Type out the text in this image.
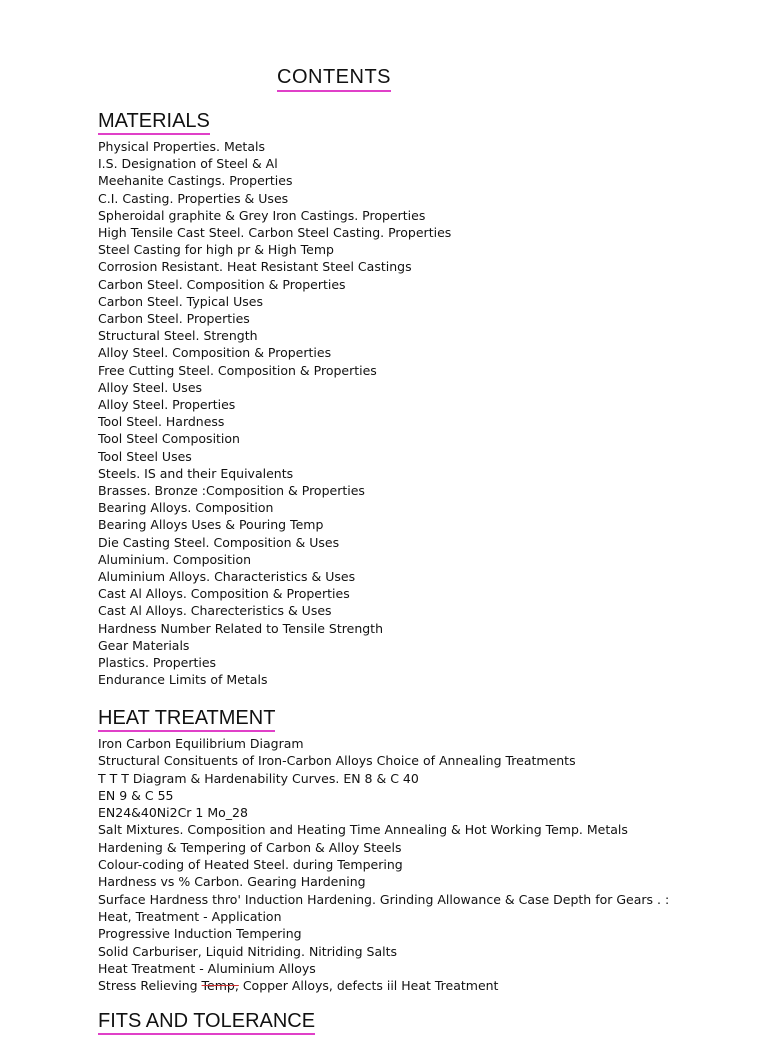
CONTENTS
MATERIALS
Physical Properties. Metals
I.S. Designation of Steel & Al
Meehanite Castings. Properties
C.I. Casting. Properties & Uses
Spheroidal graphite & Grey Iron Castings. Properties
High Tensile Cast Steel. Carbon Steel Casting. Properties
Steel Casting for high pr & High Temp
Corrosion Resistant. Heat Resistant Steel Castings
Carbon Steel. Composition & Properties
Carbon Steel. Typical Uses
Carbon Steel. Properties
Structural Steel. Strength
Alloy Steel. Composition & Properties
Free Cutting Steel. Composition & Properties
Alloy Steel. Uses
Alloy Steel. Properties
Tool Steel. Hardness
Tool Steel Composition
Tool Steel Uses
Steels. IS and their Equivalents
Brasses. Bronze :Composition & Properties
Bearing Alloys. Composition
Bearing Alloys Uses & Pouring Temp
Die Casting Steel. Composition & Uses
Aluminium. Composition
Aluminium Alloys. Characteristics & Uses
Cast Al Alloys. Composition & Properties
Cast Al Alloys. Charecteristics & Uses
Hardness Number Related to Tensile Strength
Gear Materials
Plastics. Properties
Endurance Limits of Metals
HEAT TREATMENT
Iron Carbon Equilibrium Diagram
Structural Consituents of Iron-Carbon Alloys Choice of Annealing Treatments
T T T Diagram & Hardenability Curves. EN 8 & C 40
EN 9 & C 55
EN24&40Ni2Cr 1 Mo_28
Salt Mixtures. Composition and Heating Time Annealing & Hot Working Temp. Metals
Hardening & Tempering of Carbon & Alloy Steels
Colour-coding of Heated Steel. during Tempering
Hardness vs % Carbon. Gearing Hardening
Surface Hardness thro' Induction Hardening. Grinding Allowance & Case Depth for Gears . :
Heat, Treatment - Application
Progressive Induction Tempering
Solid Carburiser, Liquid Nitriding. Nitriding Salts
Heat Treatment - Aluminium Alloys
Stress Relieving Temp, Copper Alloys, defects iil Heat Treatment
FITS AND TOLERANCE
